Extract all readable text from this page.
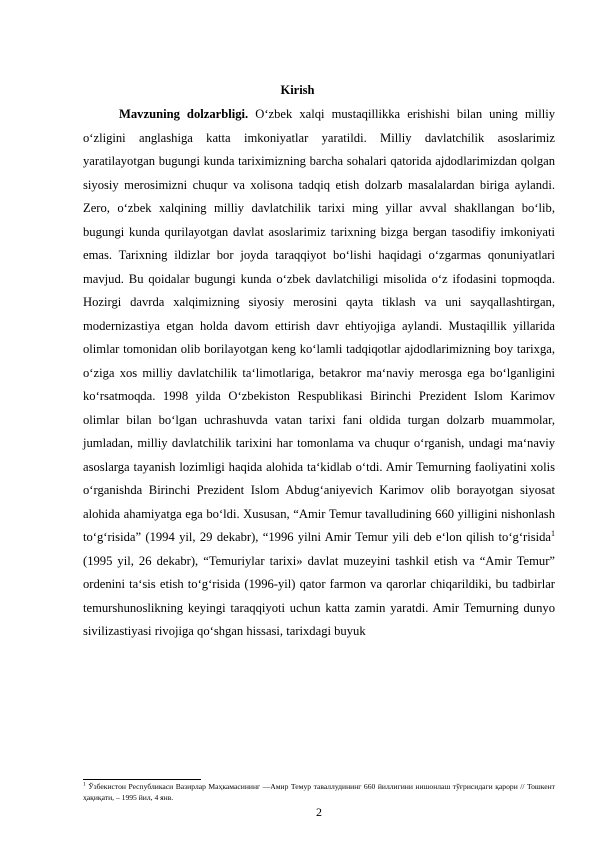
Kirish

Mavzuning dolzarbligi. O‘zbek xalqi mustaqillikka erishishi bilan uning milliy o‘zligini anglashiga katta imkoniyatlar yaratildi. Milliy davlatchilik asoslarimiz yaratilayotgan bugungi kunda tariximizning barcha sohalari qatorida ajdodlarimizdan qolgan siyosiy merosimizni chuqur va xolisona tadqiq etish dolzarb masalalardan biriga aylandi. Zero, o‘zbek xalqining milliy davlatchilik tarixi ming yillar avval shakllangan bo‘lib, bugungi kunda qurilayotgan davlat asoslarimiz tarixning bizga bergan tasodifiy imkoniyati emas. Tarixning ildizlar bor joyda taraqqiyot bo‘lishi haqidagi o‘zgarmas qonuniyatlari mavjud. Bu qoidalar bugungi kunda o‘zbek davlatchiligi misolida o‘z ifodasini topmoqda. Hozirgi davrda xalqimizning siyosiy merosini qayta tiklash va uni sayqallashtirgan, modernizastiya etgan holda davom ettirish davr ehtiyojiga aylandi. Mustaqillik yillarida olimlar tomonidan olib borilayotgan keng ko‘lamli tadqiqotlar ajdodlarimizning boy tarixga, o‘ziga xos milliy davlatchilik ta‘limotlariga, betakror ma‘naviy merosga ega bo‘lganligini ko‘rsatmoqda. 1998 yilda O‘zbekiston Respublikasi Birinchi Prezident Islom Karimov olimlar bilan bo‘lgan uchrashuvda vatan tarixi fani oldida turgan dolzarb muammolar, jumladan, milliy davlatchilik tarixini har tomonlama va chuqur o‘rganish, undagi ma‘naviy asoslarga tayanish lozimligi haqida alohida ta‘kidlab o‘tdi. Amir Temurning faoliyatini xolis o‘rganishda Birinchi Prezident Islom Abdug‘aniyevich Karimov olib borayotgan siyosat alohida ahamiyatga ega bo‘ldi. Xususan, “Amir Temur tavalludining 660 yilligini nishonlash to‘g‘risida” (1994 yil, 29 dekabr), “1996 yilni Amir Temur yili deb e‘lon qilish to‘g‘risida$^1$ (1995 yil, 26 dekabr), “Temuriylar tarixi» davlat muzeyini tashkil etish va “Amir Temur” ordenini ta‘sis etish to‘g‘risida (1996-yil) qator farmon va qarorlar chiqarildiki, bu tadbirlar temurshunoslikning keyingi taraqqiyoti uchun katta zamin yaratdi. Amir Temurning dunyo sivilizastiyasi rivojiga qo‘shgan hissasi, tarixdagi buyuk

$^1$ Ўзбекистон Республикаси Вазирлар Маҳкамасининг ―Амир Темур таваллудининг 660 йиллигини нишонлаш тўғрисидаги қарори // Тошкент ҳақиқати, – 1995 йил, 4 янв.

2
